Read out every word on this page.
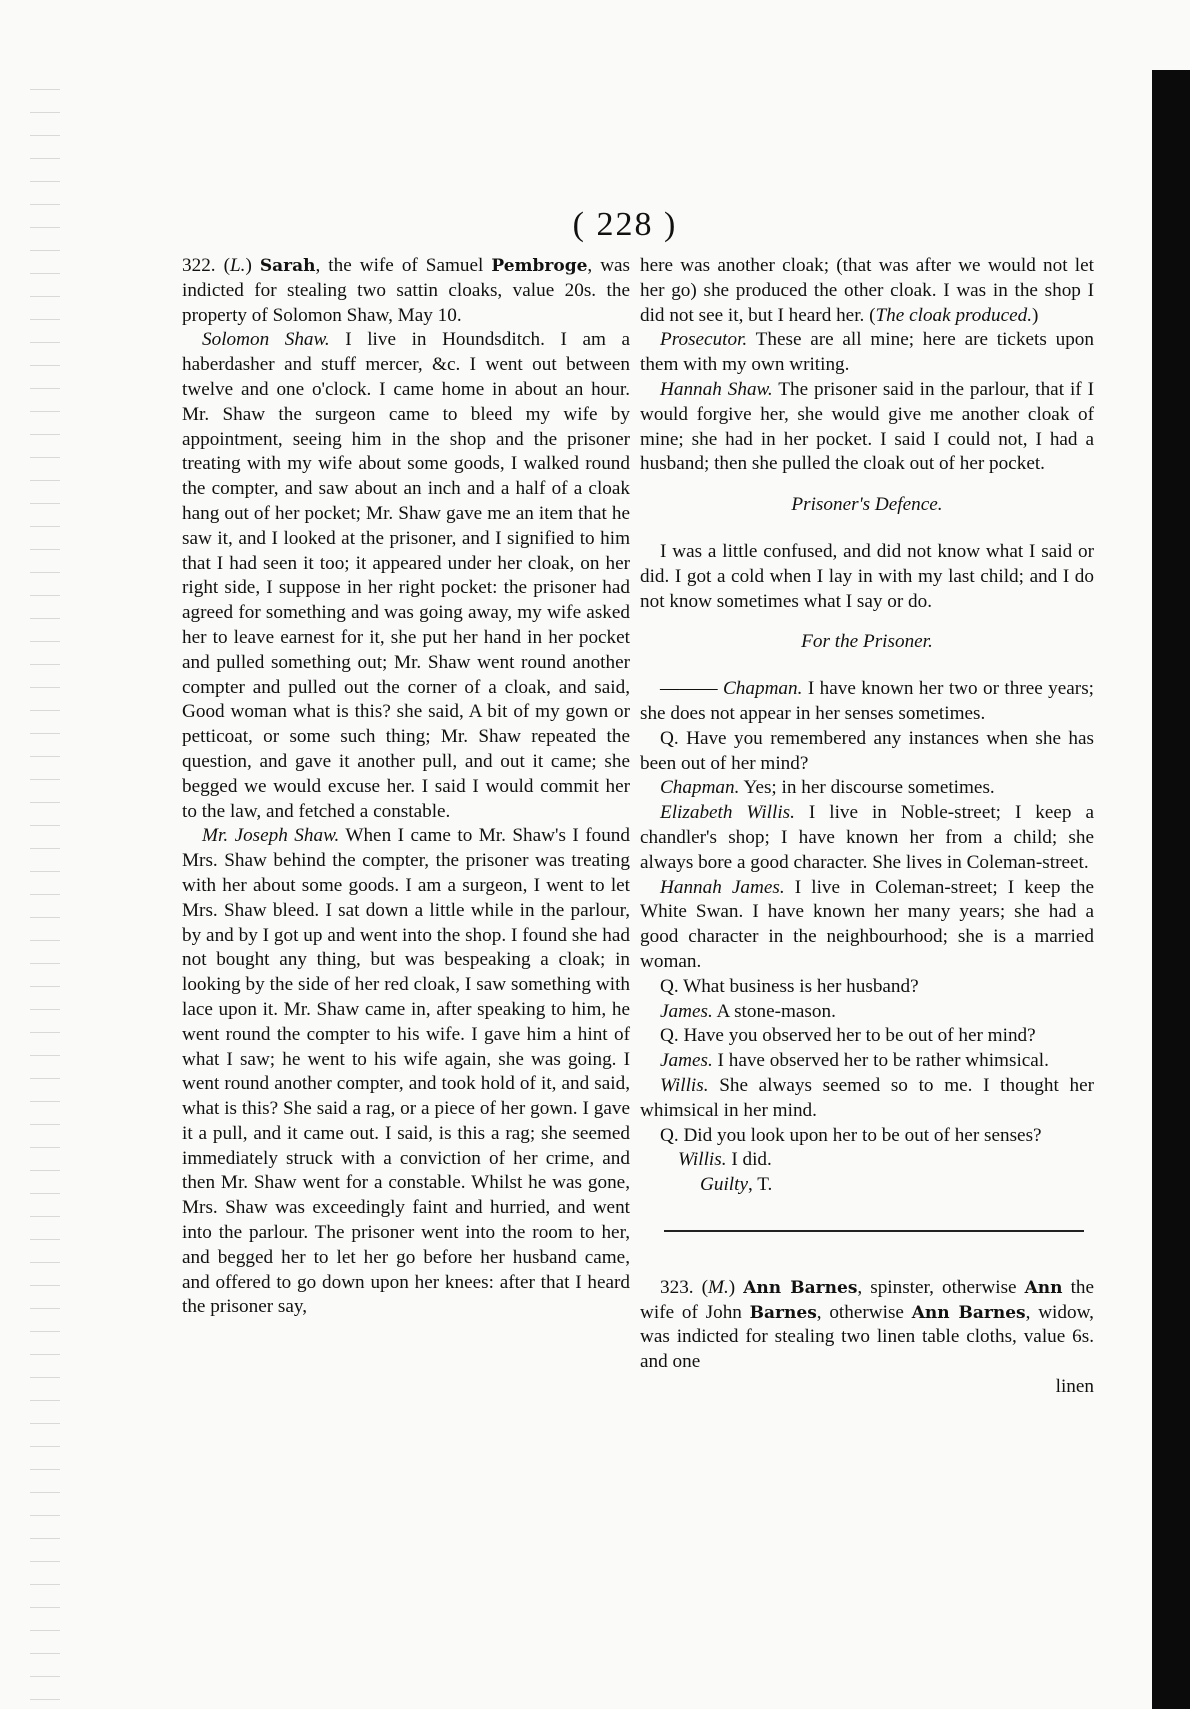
( 228 )

322. (L.) Sarah, the wife of Samuel Pembroge, was indicted for stealing two sattin cloaks, value 20s. the property of Solomon Shaw, May 10.

Solomon Shaw. I live in Houndsditch. I am a haberdasher and stuff mercer, &c. I went out between twelve and one o'clock. I came home in about an hour. Mr. Shaw the surgeon came to bleed my wife by appointment, seeing him in the shop and the prisoner treating with my wife about some goods, I walked round the compter, and saw about an inch and a half of a cloak hang out of her pocket; Mr. Shaw gave me an item that he saw it, and I looked at the prisoner, and I signified to him that I had seen it too; it appeared under her cloak, on her right side, I suppose in her right pocket: the prisoner had agreed for something and was going away, my wife asked her to leave earnest for it, she put her hand in her pocket and pulled something out; Mr. Shaw went round another compter and pulled out the corner of a cloak, and said, Good woman what is this? she said, A bit of my gown or petticoat, or some such thing; Mr. Shaw repeated the question, and gave it another pull, and out it came; she begged we would excuse her. I said I would commit her to the law, and fetched a constable.

Mr. Joseph Shaw. When I came to Mr. Shaw's I found Mrs. Shaw behind the compter, the prisoner was treating with her about some goods. I am a surgeon, I went to let Mrs. Shaw bleed. I sat down a little while in the parlour, by and by I got up and went into the shop. I found she had not bought any thing, but was bespeaking a cloak; in looking by the side of her red cloak, I saw something with lace upon it. Mr. Shaw came in, after speaking to him, he went round the compter to his wife. I gave him a hint of what I saw; he went to his wife again, she was going. I went round another compter, and took hold of it, and said, what is this? She said a rag, or a piece of her gown. I gave it a pull, and it came out. I said, is this a rag; she seemed immediately struck with a conviction of her crime, and then Mr. Shaw went for a constable. Whilst he was gone, Mrs. Shaw was exceedingly faint and hurried, and went into the parlour. The prisoner went into the room to her, and begged her to let her go before her husband came, and offered to go down upon her knees: after that I heard the prisoner say,

here was another cloak; (that was after we would not let her go) she produced the other cloak. I was in the shop I did not see it, but I heard her. (The cloak produced.)

Prosecutor. These are all mine; here are tickets upon them with my own writing.

Hannah Shaw. The prisoner said in the parlour, that if I would forgive her, she would give me another cloak of mine; she had in her pocket. I said I could not, I had a husband; then she pulled the cloak out of her pocket.

Prisoner's Defence.

I was a little confused, and did not know what I said or did. I got a cold when I lay in with my last child; and I do not know sometimes what I say or do.

For the Prisoner.

——— Chapman. I have known her two or three years; she does not appear in her senses sometimes.

Q. Have you remembered any instances when she has been out of her mind?

Chapman. Yes; in her discourse sometimes.

Elizabeth Willis. I live in Noble-street; I keep a chandler's shop; I have known her from a child; she always bore a good character. She lives in Coleman-street.

Hannah James. I live in Coleman-street; I keep the White Swan. I have known her many years; she had a good character in the neighbourhood; she is a married woman.

Q. What business is her husband?

James. A stone-mason.

Q. Have you observed her to be out of her mind?

James. I have observed her to be rather whimsical.

Willis. She always seemed so to me. I thought her whimsical in her mind.

Q. Did you look upon her to be out of her senses?

Willis. I did.

Guilty, T.

323. (M.) Ann Barnes, spinster, otherwise Ann the wife of John Barnes, otherwise Ann Barnes, widow, was indicted for stealing two linen table cloths, value 6s. and one

linen
